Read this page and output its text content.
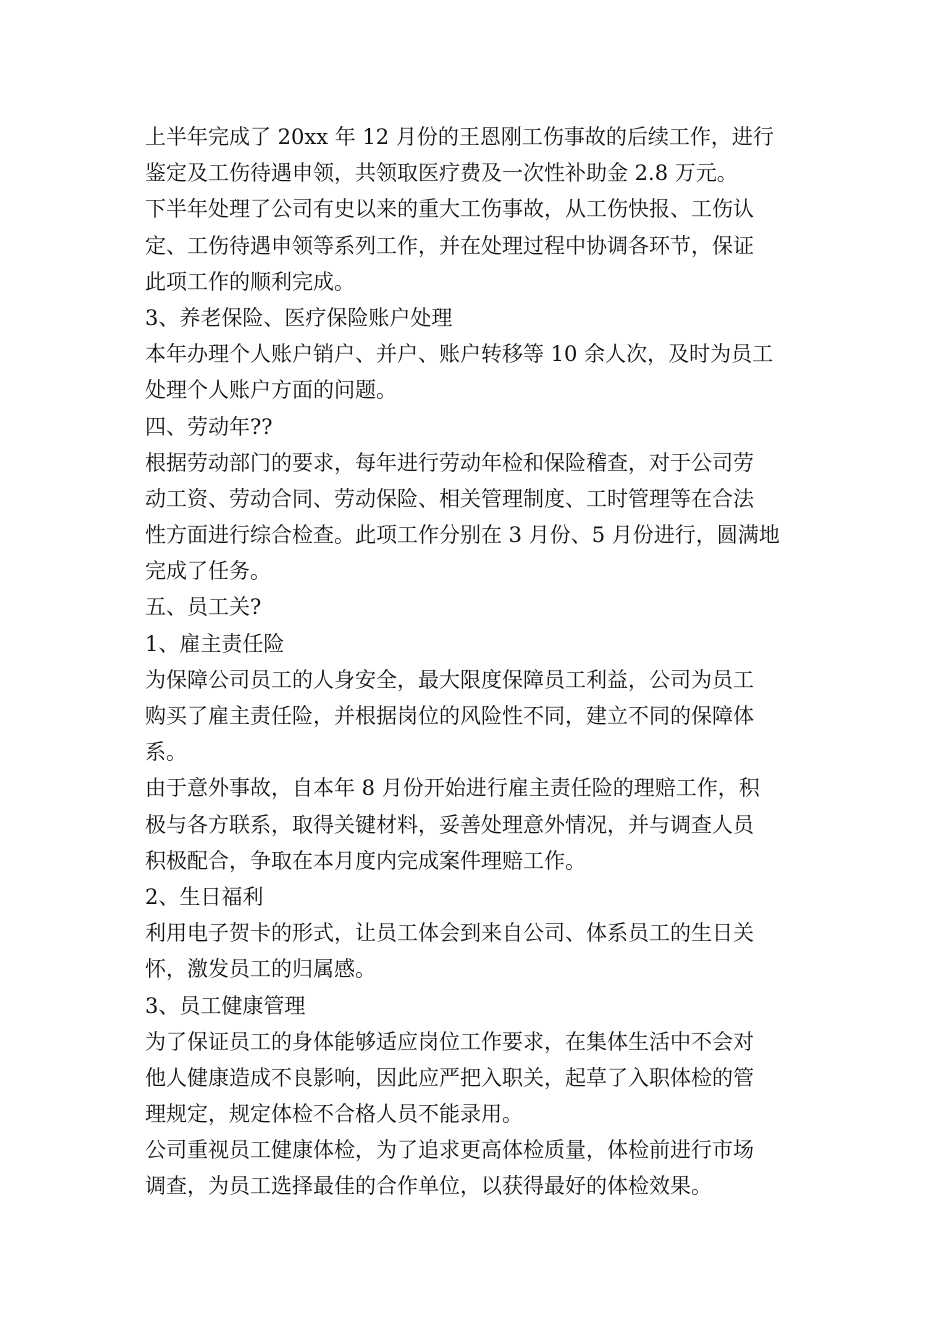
上半年完成了 20xx 年 12 月份的王恩刚工伤事故的后续工作，进行
鉴定及工伤待遇申领，共领取医疗费及一次性补助金 2.8 万元。
下半年处理了公司有史以来的重大工伤事故，从工伤快报、工伤认
定、工伤待遇申领等系列工作，并在处理过程中协调各环节，保证
此项工作的顺利完成。
3、养老保险、医疗保险账户处理
本年办理个人账户销户、并户、账户转移等 10 余人次，及时为员工
处理个人账户方面的问题。
四、劳动年??
根据劳动部门的要求，每年进行劳动年检和保险稽查，对于公司劳
动工资、劳动合同、劳动保险、相关管理制度、工时管理等在合法
性方面进行综合检查。此项工作分别在 3 月份、5 月份进行，圆满地
完成了任务。
五、员工关?
1、雇主责任险
为保障公司员工的人身安全，最大限度保障员工利益，公司为员工
购买了雇主责任险，并根据岗位的风险性不同，建立不同的保障体
系。
由于意外事故，自本年 8 月份开始进行雇主责任险的理赔工作，积
极与各方联系，取得关键材料，妥善处理意外情况，并与调查人员
积极配合，争取在本月度内完成案件理赔工作。
2、生日福利
利用电子贺卡的形式，让员工体会到来自公司、体系员工的生日关
怀，激发员工的归属感。
3、员工健康管理
为了保证员工的身体能够适应岗位工作要求，在集体生活中不会对
他人健康造成不良影响，因此应严把入职关，起草了入职体检的管
理规定，规定体检不合格人员不能录用。
公司重视员工健康体检，为了追求更高体检质量，体检前进行市场
调查，为员工选择最佳的合作单位，以获得最好的体检效果。
